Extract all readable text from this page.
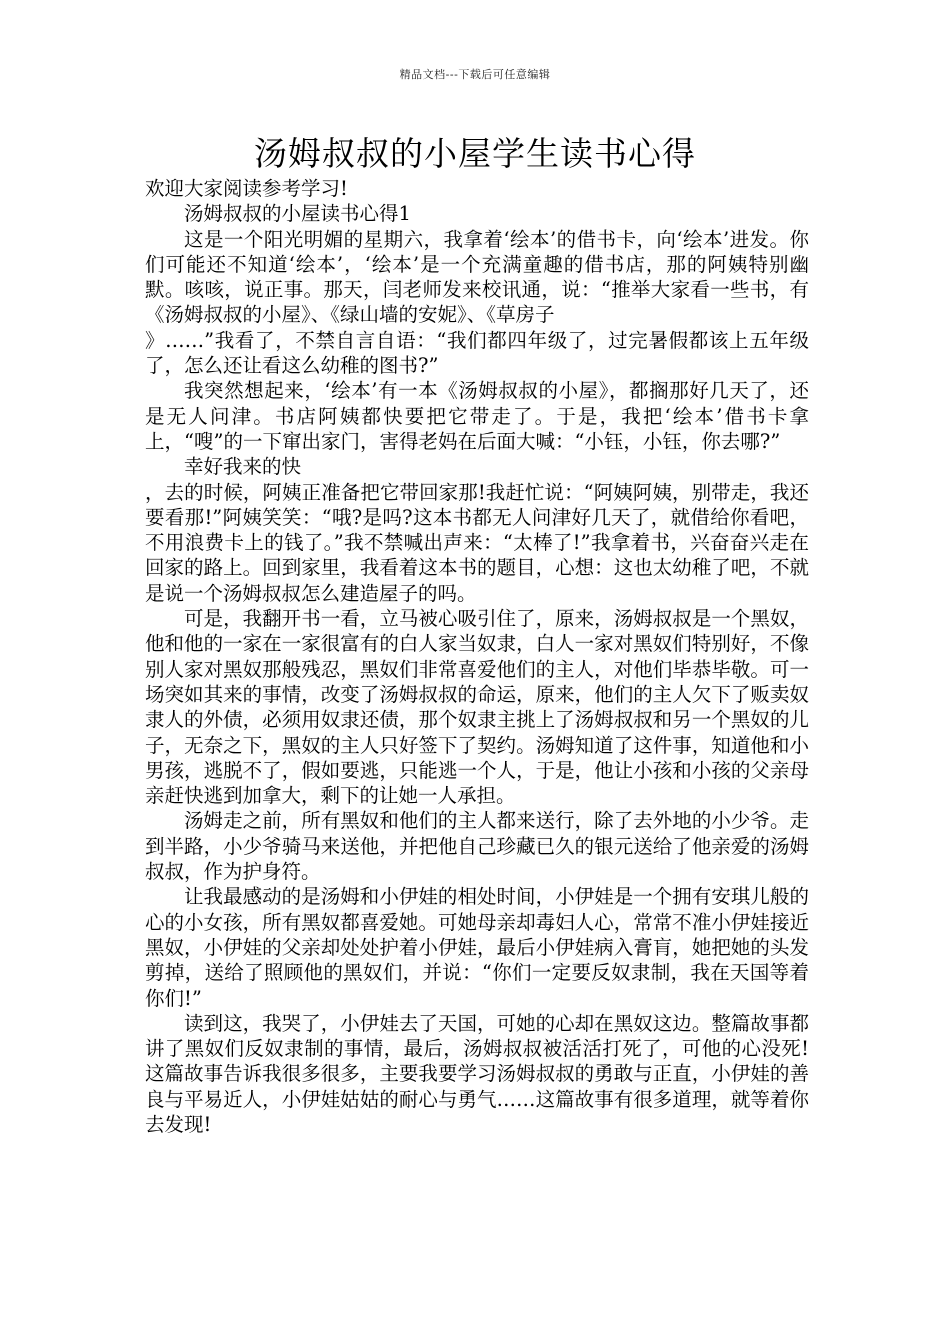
精品文档---下载后可任意编辑
汤姆叔叔的小屋学生读书心得

欢迎大家阅读参考学习!

汤姆叔叔的小屋读书心得1

这是一个阳光明媚的星期六，我拿着‘绘本’的借书卡，向‘绘本’进发。你们可能还不知道‘绘本’，‘绘本’是一个充满童趣的借书店，那的阿姨特别幽默。咳咳，说正事。那天，闫老师发来校讯通，说：“推举大家看一些书，有《汤姆叔叔的小屋》、《绿山墙的安妮》、《草房子

》……”我看了，不禁自言自语：“我们都四年级了，过完暑假都该上五年级了，怎么还让看这么幼稚的图书?”

我突然想起来，‘绘本’有一本《汤姆叔叔的小屋》，都搁那好几天了，还是无人问津。书店阿姨都快要把它带走了。于是，我把‘绘本’借书卡拿上，“嗖”的一下窜出家门，害得老妈在后面大喊：“小钰，小钰，你去哪?”

幸好我来的快

，去的时候，阿姨正准备把它带回家那!我赶忙说：“阿姨阿姨，别带走，我还要看那!”阿姨笑笑：“哦?是吗?这本书都无人问津好几天了，就借给你看吧，不用浪费卡上的钱了。”我不禁喊出声来：“太棒了!”我拿着书，兴奋奋兴走在回家的路上。回到家里，我看着这本书的题目，心想：这也太幼稚了吧，不就是说一个汤姆叔叔怎么建造屋子的吗。

可是，我翻开书一看，立马被心吸引住了，原来，汤姆叔叔是一个黑奴，他和他的一家在一家很富有的白人家当奴隶，白人一家对黑奴们特别好，不像别人家对黑奴那般残忍，黑奴们非常喜爱他们的主人，对他们毕恭毕敬。可一场突如其来的事情，改变了汤姆叔叔的命运，原来，他们的主人欠下了贩卖奴隶人的外债，必须用奴隶还债，那个奴隶主挑上了汤姆叔叔和另一个黑奴的儿子，无奈之下，黑奴的主人只好签下了契约。汤姆知道了这件事，知道他和小男孩，逃脱不了，假如要逃，只能逃一个人，于是，他让小孩和小孩的父亲母亲赶快逃到加拿大，剩下的让她一人承担。

汤姆走之前，所有黑奴和他们的主人都来送行，除了去外地的小少爷。走到半路，小少爷骑马来送他，并把他自己珍藏已久的银元送给了他亲爱的汤姆叔叔，作为护身符。

让我最感动的是汤姆和小伊娃的相处时间，小伊娃是一个拥有安琪儿般的心的小女孩，所有黑奴都喜爱她。可她母亲却毒妇人心，常常不准小伊娃接近黑奴，小伊娃的父亲却处处护着小伊娃，最后小伊娃病入膏肓，她把她的头发剪掉，送给了照顾他的黑奴们，并说：“你们一定要反奴隶制，我在天国等着你们!”

读到这，我哭了，小伊娃去了天国，可她的心却在黑奴这边。整篇故事都讲了黑奴们反奴隶制的事情，最后，汤姆叔叔被活活打死了，可他的心没死!这篇故事告诉我很多很多，主要我要学习汤姆叔叔的勇敢与正直，小伊娃的善良与平易近人，小伊娃姑姑的耐心与勇气……这篇故事有很多道理，就等着你去发现!
